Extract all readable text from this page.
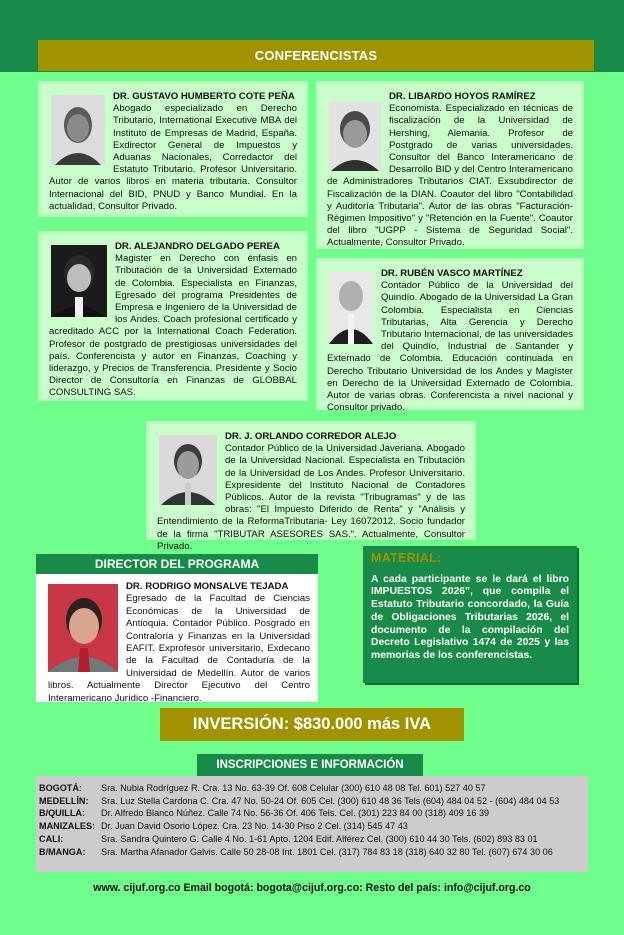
CONFERENCISTAS
DR. GUSTAVO HUMBERTO COTE PEÑA
Abogado especializado en Derecho Tributario, International Executive MBA del Instituto de Empresas de Madrid, España. Exdirector General de Impuestos y Aduanas Nacionales, Corredactor del Estatuto Tributario. Profesor Universitario. Autor de varios libros en materia tributaria. Consultor Internacional del BID, PNUD y Banco Mundial. En la actualidad, Consultor Privado.
DR. LIBARDO HOYOS RAMÍREZ
Economista. Especializado en técnicas de fiscalización de la Universidad de Hershing, Alemania. Profesor de Postgrado de varias universidades. Consultor del Banco Interamericano de Desarrollo BID y del Centro Interamericano de Administradores Tributarios CIAT. Exsubdirector de Fiscalización de la DIAN. Coautor del libro "Contabilidad y Auditoría Tributaria". Autor de las obras "Facturación-Régimen Impositivo" y "Retención en la Fuente". Coautor del libro "UGPP - Sistema de Seguridad Social". Actualmente, Consultor Privado.
DR. ALEJANDRO DELGADO PEREA
Magister en Derecho con énfasis en Tributación de la Universidad Externado de Colombia. Especialista en Finanzas, Egresado del programa Presidentes de Empresa e Ingeniero de la Universidad de los Andes. Coach profesional certificado y acreditado ACC por la International Coach Federation. Profesor de postgrado de prestigiosas universidades del país. Conferencista y autor en Finanzas, Coaching y liderazgo, y Precios de Transferencia. Presidente y Socio Director de Consultoría en Finanzas de GLOBBAL CONSULTING SAS.
DR. RUBÉN VASCO MARTÍNEZ
Contador Público de la Universidad del Quindío. Abogado de la Universidad La Gran Colombia. Especialista en Ciencias Tributarias, Alta Gerencia y Derecho Tributario Internacional, de las universidades del Quindío, Industrial de Santander y Externado de Colombia. Educación continuada en Derecho Tributario Universidad de los Andes y Magíster en Derecho de la Universidad Externado de Colombia. Autor de varias obras. Conferencista a nivel nacional y Consultor privado.
DR. J. ORLANDO CORREDOR ALEJO
Contador Público de la Universidad Javeriana. Abogado de la Universidad Nacional. Especialista en Tributación de la Universidad de Los Andes. Profesor Universitario. Expresidente del Instituto Nacional de Contadores Públicos. Autor de la revista "Tribugramas" y de las obras: "El Impuesto Diferido de Renta" y "Análisis y Entendimiento de la ReformaTributaria- Ley 16072012. Socio fundador de la firma "TRIBUTAR ASESORES SAS.". Actualmente, Consultor Privado.
DIRECTOR DEL PROGRAMA
DR. RODRIGO MONSALVE TEJADA
Egresado de la Facultad de Ciencias Económicas de la Universidad de Antioquia. Contador Público. Posgrado en Contraloría y Finanzas en la Universidad EAFIT. Exprofesor universitario, Exdecano de la Facultad de Contaduría de la Universidad de Medellín. Autor de varios libros. Actualmente Director Ejecutivo del Centro Interamericano Jurídico -Financiero.
MATERIAL:
A cada participante se le dará el libro IMPUESTOS 2026", que compila el Estatuto Tributario concordado, la Guía de Obligaciones Tributarias 2026, el documento de la compilación del Decreto Legislativo 1474 de 2025 y las memorias de los conferencistas.
INVERSIÓN: $830.000 más IVA
INSCRIPCIONES E INFORMACIÓN
BOGOTÁ:	Sra. Nubia Rodríguez R. Cra. 13 No. 63-39 Of. 608 Celular (300) 610 48 08 Tel. 601) 527 40 57
MEDELLÍN:	Sra. Luz Stella Cardona C. Cra. 47 No. 50-24 Of. 605 Cel. (300) 610 48 36 Tels (604) 484 04 52 - (604) 484 04 53
B/QUILLA:	Dr. Alfredo Blanco Núñez. Calle 74 No. 56-36 Of. 406 Tels. Cel. (301) 223 84 00 (318) 409 16 39
MANIZALES: Dr. Juan David Osorio López. Cra. 23 No. 14-30 Piso 2 Cel. (314) 545 47 43
CALI:	Sra. Sandra Quintero G. Calle 4 No. 1-61 Apto. 1204 Edif. Alférez Cel. (300) 610 44 30 Tels. (602) 893 83 01
B/MANGA:	Sra. Martha Afanador Galvis. Calle 50 28-08 Int. 1801 Cel. (317) 784 83 18 (318) 640 32 80 Tel. (607) 674 30 06
www. cijuf.org.co Email bogotá: bogota@cijuf.org.co: Resto del país: info@cijuf.org.co
